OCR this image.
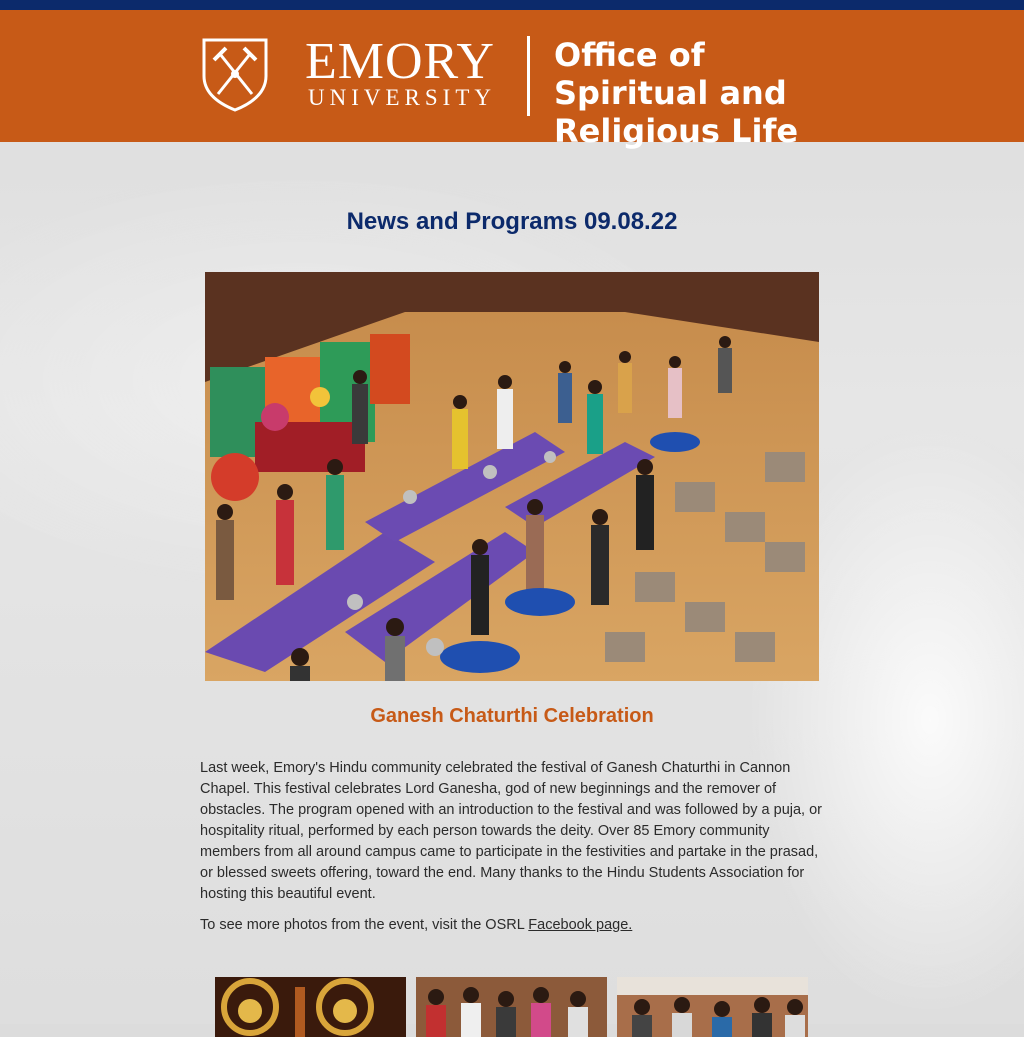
EMORY
UNIVERSITY
Office of Spiritual and Religious Life
News and Programs 09.08.22
Ganesh Chaturthi Celebration

Last week, Emory's Hindu community celebrated the festival of Ganesh Chaturthi in Cannon Chapel. This festival celebrates Lord Ganesha, god of new beginnings and the remover of obstacles. The program opened with an introduction to the festival and was followed by a puja, or hospitality ritual, performed by each person towards the deity. Over 85 Emory community members from all around campus came to participate in the festivities and partake in the prasad, or blessed sweets offering, toward the end. Many thanks to the Hindu Students Association for hosting this beautiful event.

To see more photos from the event, visit the OSRL Facebook page.
